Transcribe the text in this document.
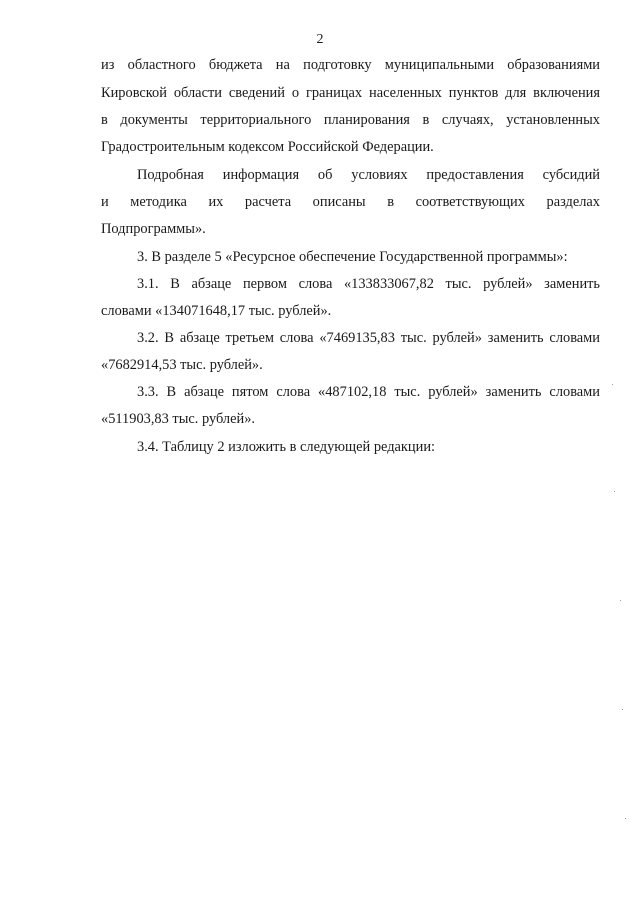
2
из областного бюджета на подготовку муниципальными образованиями
Кировской области сведений о границах населенных пунктов для включения
в документы территориального планирования в случаях, установленных
Градостроительным кодексом Российской Федерации.
Подробная информация об условиях предоставления субсидий
и методика их расчета описаны в соответствующих разделах
Подпрограммы».
3. В разделе 5 «Ресурсное обеспечение Государственной программы»:
3.1. В абзаце первом слова «133833067,82 тыс. рублей» заменить
словами «134071648,17 тыс. рублей».
3.2. В абзаце третьем слова «7469135,83 тыс. рублей» заменить словами
«7682914,53 тыс. рублей».
3.3. В абзаце пятом слова «487102,18 тыс. рублей» заменить словами
«511903,83 тыс. рублей».
3.4. Таблицу 2 изложить в следующей редакции:
